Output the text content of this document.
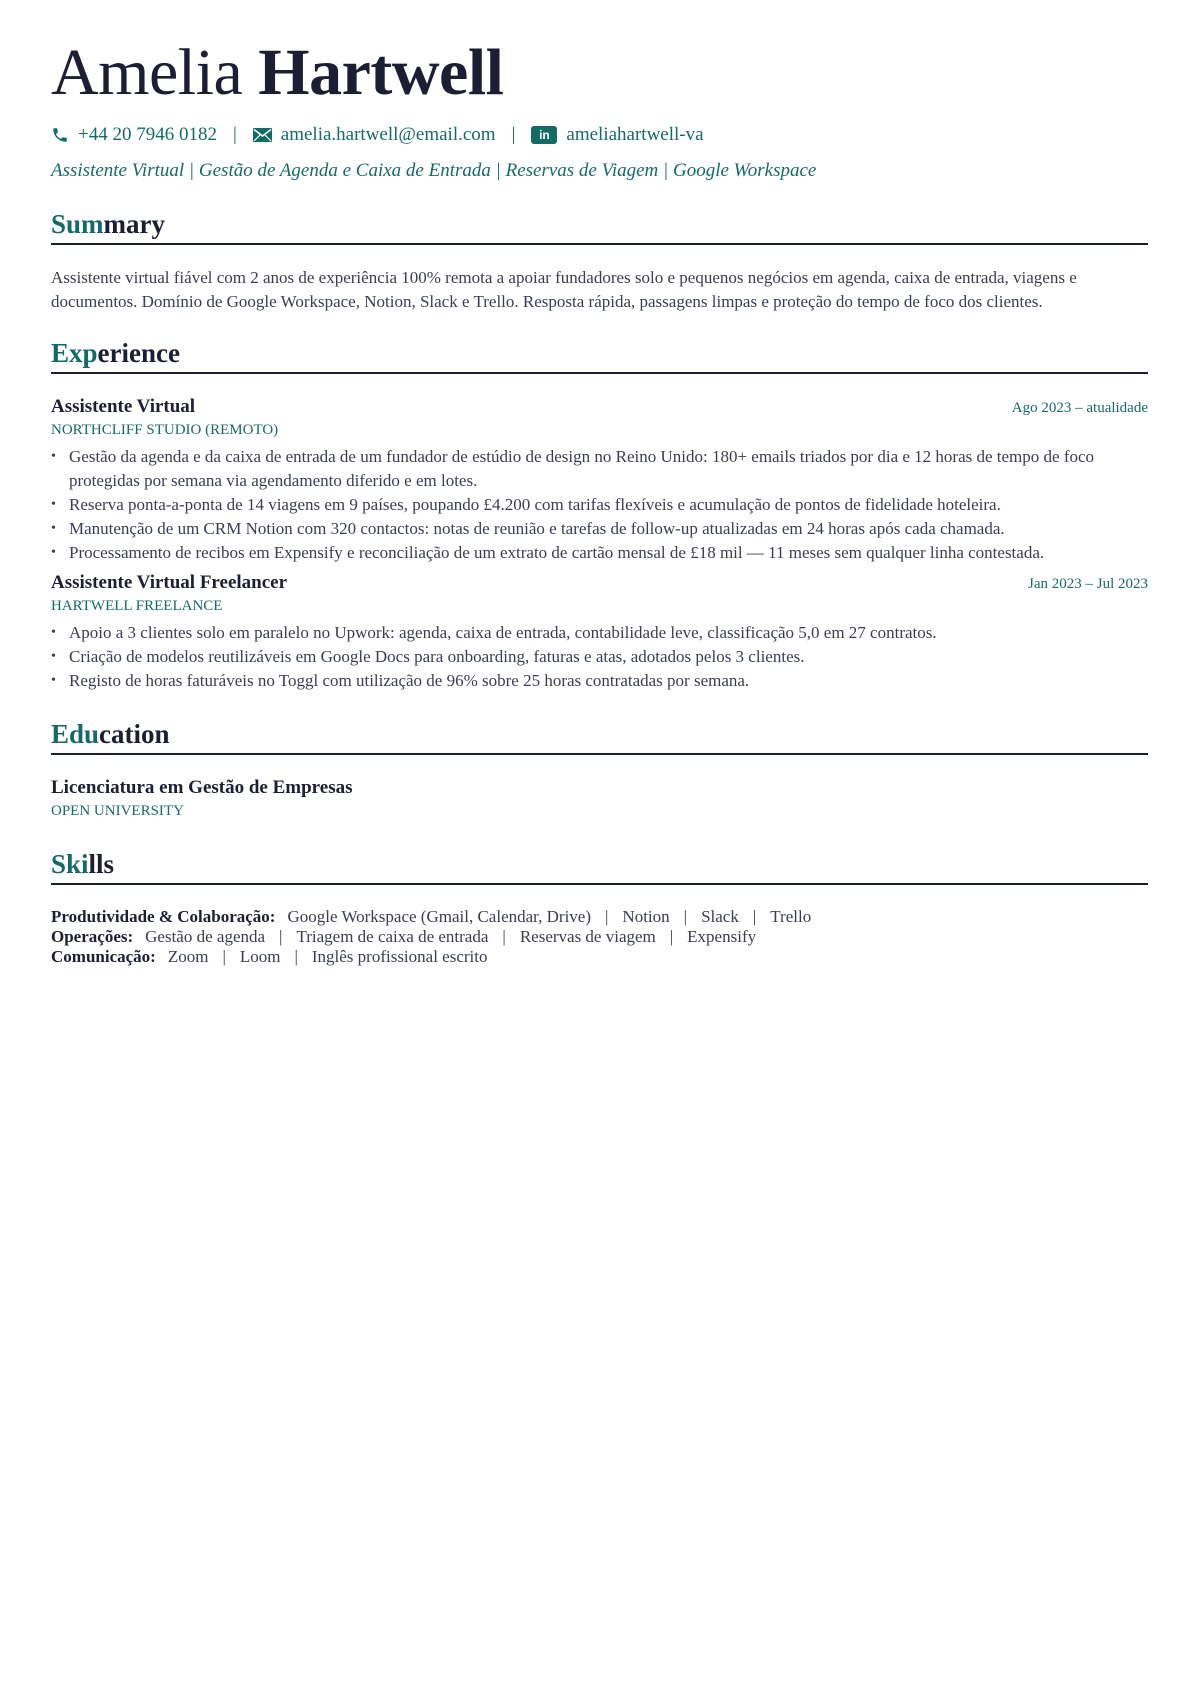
Amelia Hartwell
+44 20 7946 0182 | amelia.hartwell@email.com |	in ameliahartwell-va
Assistente Virtual | Gestão de Agenda e Caixa de Entrada | Reservas de Viagem | Google Workspace
Summary
Assistente virtual fiável com 2 anos de experiência 100% remota a apoiar fundadores solo e pequenos negócios em agenda, caixa de entrada, viagens e documentos. Domínio de Google Workspace, Notion, Slack e Trello. Resposta rápida, passagens limpas e proteção do tempo de foco dos clientes.
Experience
Assistente Virtual	Ago 2023 – atualidade
NORTHCLIFF STUDIO (REMOTO)
• Gestão da agenda e da caixa de entrada de um fundador de estúdio de design no Reino Unido: 180+ emails triados por dia e 12 horas de tempo de foco protegidas por semana via agendamento diferido e em lotes.
• Reserva ponta-a-ponta de 14 viagens em 9 países, poupando £4.200 com tarifas flexíveis e acumulação de pontos de fidelidade hoteleira.
• Manutenção de um CRM Notion com 320 contactos: notas de reunião e tarefas de follow-up atualizadas em 24 horas após cada chamada.
• Processamento de recibos em Expensify e reconciliação de um extrato de cartão mensal de £18 mil — 11 meses sem qualquer linha contestada.
Assistente Virtual Freelancer	Jan 2023 – Jul 2023
HARTWELL FREELANCE
• Apoio a 3 clientes solo em paralelo no Upwork: agenda, caixa de entrada, contabilidade leve, classificação 5,0 em 27 contratos.
• Criação de modelos reutilizáveis em Google Docs para onboarding, faturas e atas, adotados pelos 3 clientes.
• Registo de horas faturáveis no Toggl com utilização de 96% sobre 25 horas contratadas por semana.
Education
Licenciatura em Gestão de Empresas
OPEN UNIVERSITY
Skills
Produtividade & Colaboração: Google Workspace (Gmail, Calendar, Drive) | Notion | Slack | Trello
Operações: Gestão de agenda | Triagem de caixa de entrada | Reservas de viagem | Expensify
Comunicação: Zoom | Loom | Inglês profissional escrito
